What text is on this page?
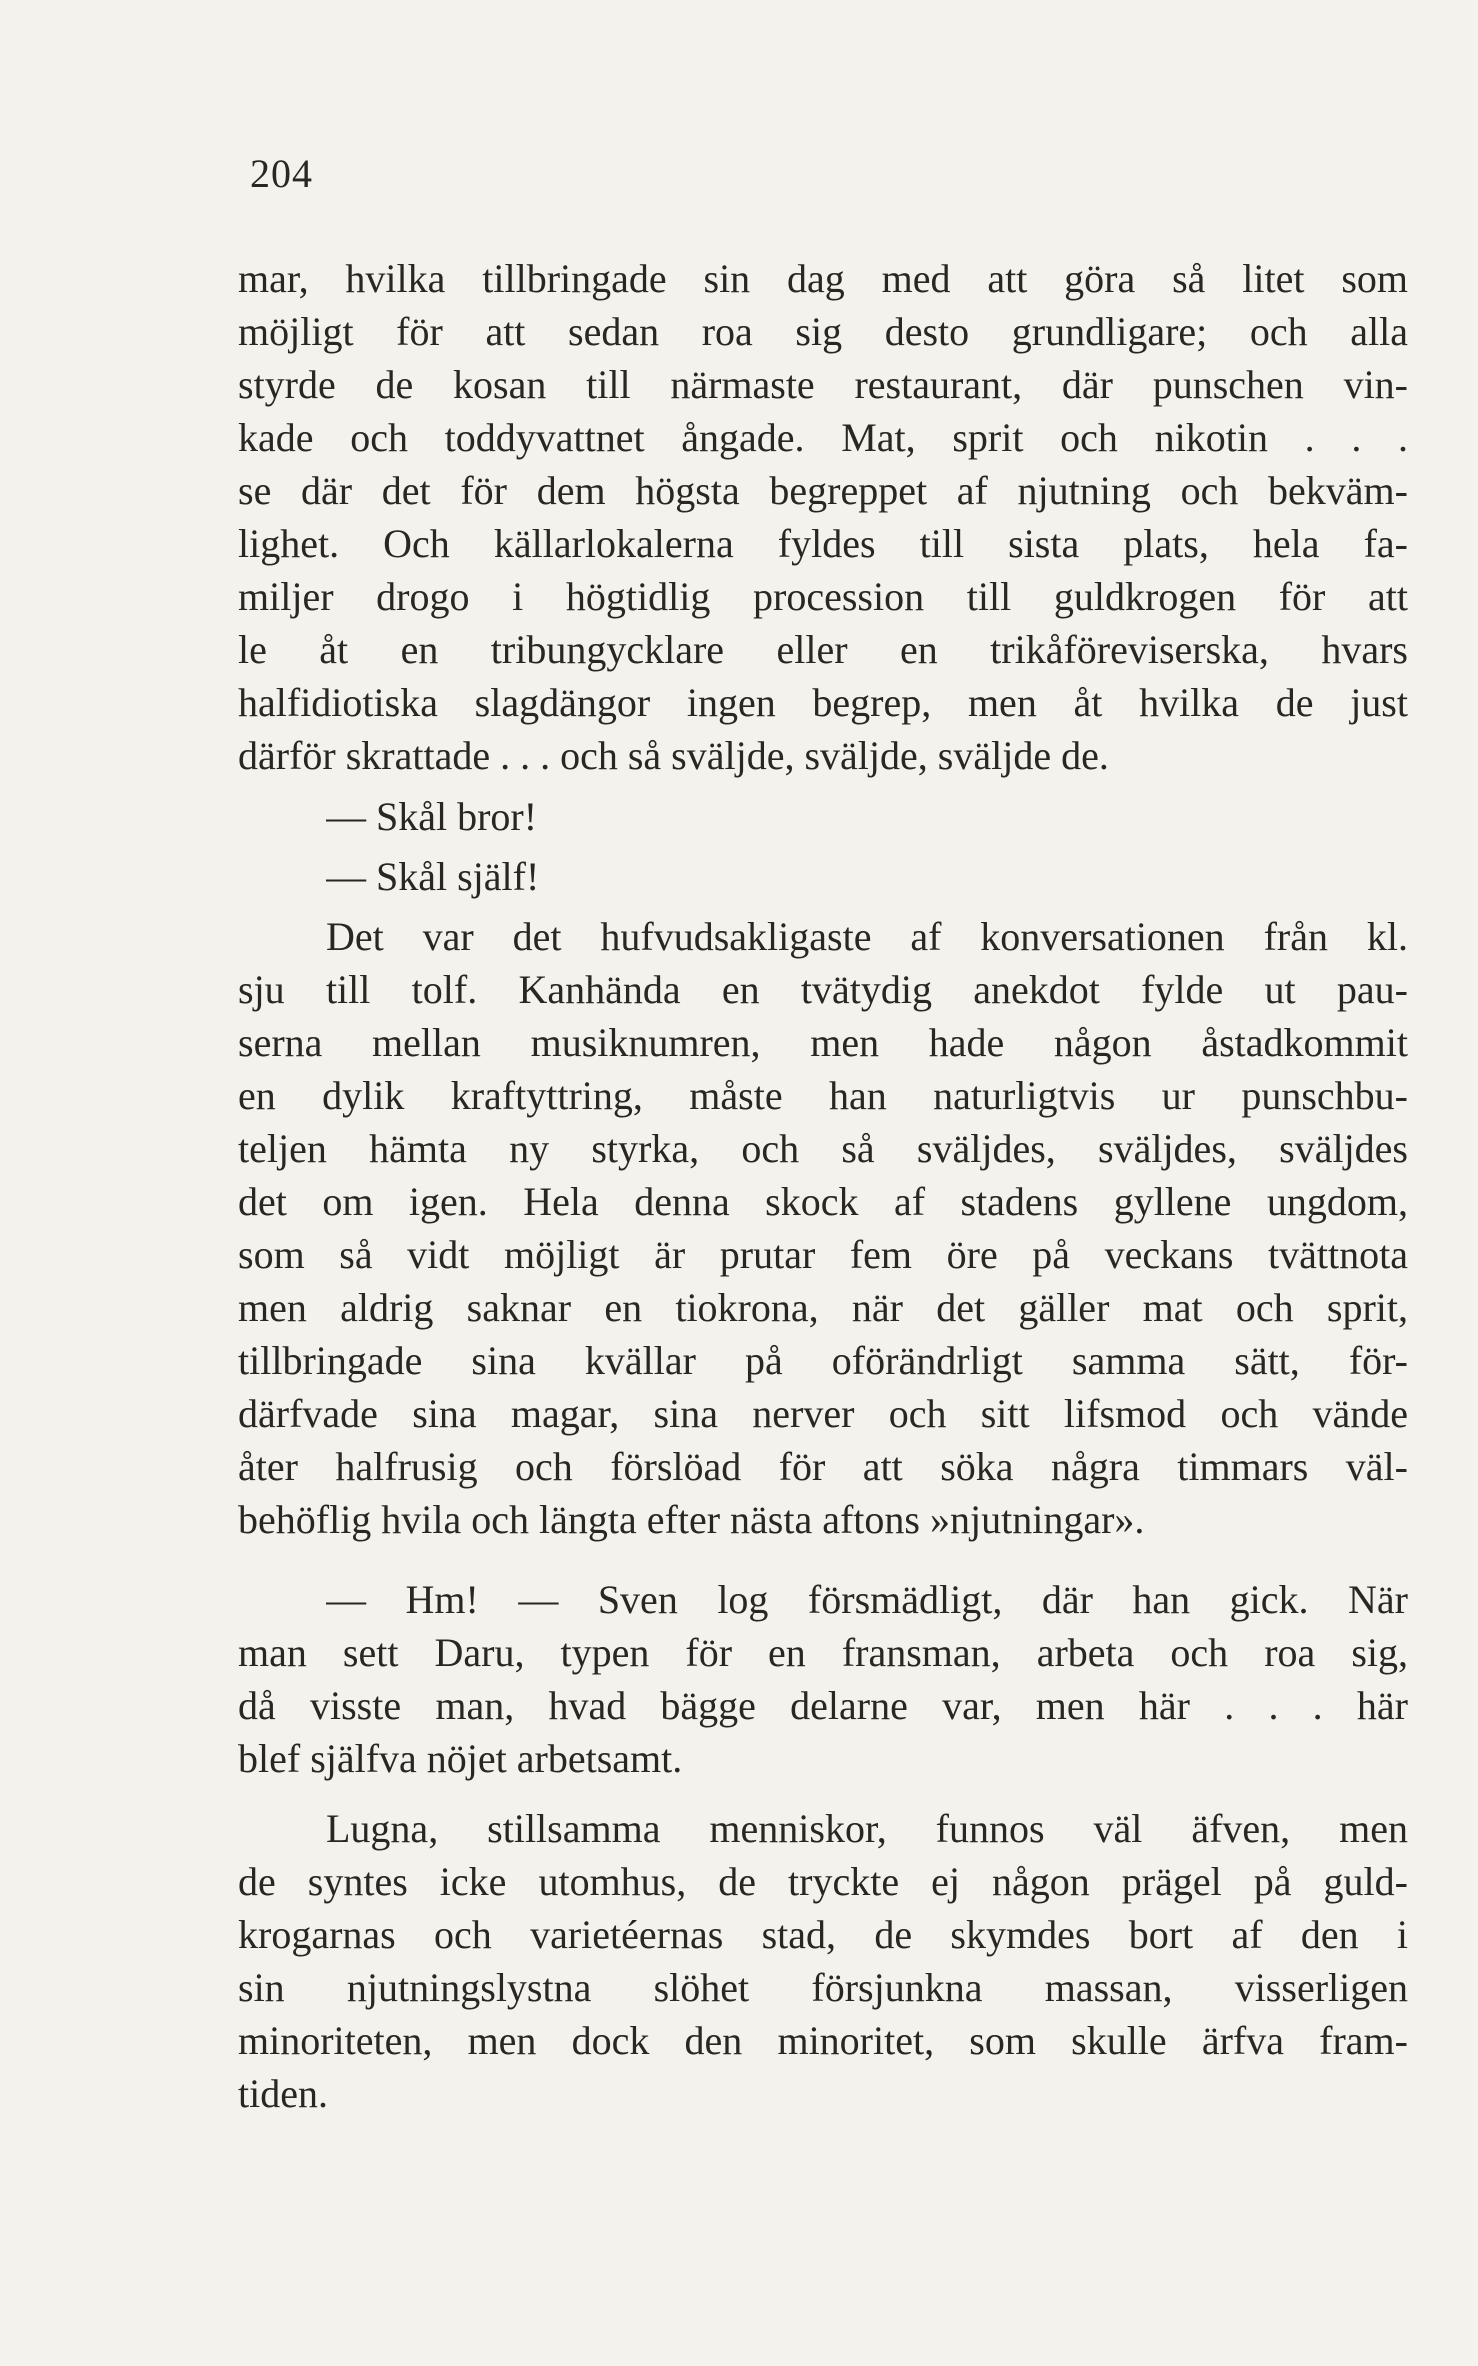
204
mar, hvilka tillbringade sin dag med att göra så litet som
möjligt för att sedan roa sig desto grundligare; och alla
styrde de kosan till närmaste restaurant, där punschen vin-
kade och toddyvattnet ångade. Mat, sprit och nikotin . . .
se där det för dem högsta begreppet af njutning och bekväm-
lighet. Och källarlokalerna fyldes till sista plats, hela fa-
miljer drogo i högtidlig procession till guldkrogen för att
le åt en tribungycklare eller en trikåföreviserska, hvars
halfidiotiska slagdängor ingen begrep, men åt hvilka de just
därför skrattade . . . och så svälјde, svälјde, svälјde de.
— Skål bror!
— Skål själf!
Det var det hufvudsakligaste af konversationen från kl.
sju till tolf. Kanhända en tvätydig anekdot fylde ut pau-
serna mellan musiknumren, men hade någon åstadkommit
en dylik kraftyttring, måste han naturligtvis ur punschbu-
teljen hämta ny styrka, och så sväljdes, sväljdes, sväljdes
det om igen. Hela denna skock af stadens gyllene ungdom,
som så vidt möjligt är prutar fem öre på veckans tvättnota
men aldrig saknar en tiokrona, när det gäller mat och sprit,
tillbringade sina kvällar på oförändrligt samma sätt, för-
därfvade sina magar, sina nerver och sitt lifsmod och vände
åter halfrusig och förslöad för att söka några timmars väl-
behöflig hvila och längta efter nästa aftons »njutningar».
— Hm! — Sven log försmädligt, där han gick. När
man sett Daru, typen för en fransman, arbeta och roa sig,
då visste man, hvad bägge delarne var, men här . . . här
blef själfva nöjet arbetsamt.
Lugna, stillsamma menniskor, funnos väl äfven, men
de syntes icke utomhus, de tryckte ej någon prägel på guld-
krogarnas och varietéernas stad, de skymdes bort af den i
sin njutningslystna slöhet försjunkna massan, visserligen
minoriteten, men dock den minoritet, som skulle ärfva fram-
tiden.
